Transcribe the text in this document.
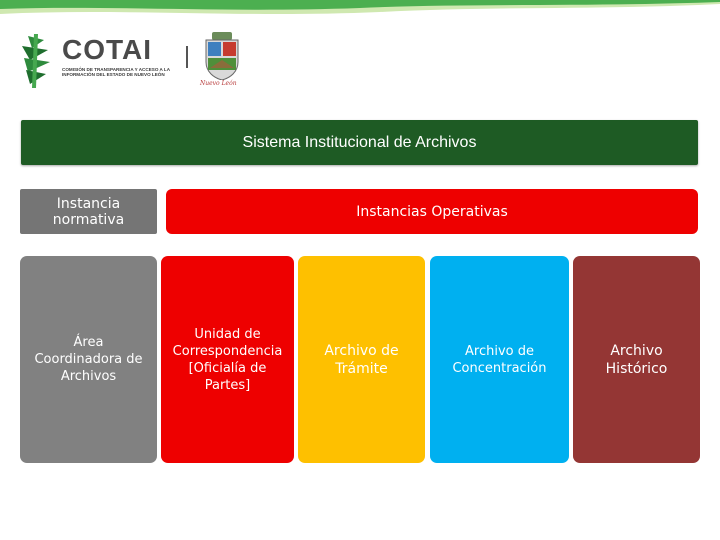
COTAI
COMISIÓN DE TRANSPARENCIA Y ACCESO A LA INFORMACIÓN DEL ESTADO DE NUEVO LEÓN
Nuevo León
Sistema Institucional de Archivos
Instancia normativa	Instancias Operativas
Área Coordinadora de Archivos
Unidad de Correspondencia [Oficialía de Partes]
Archivo de Trámite
Archivo de Concentración
Archivo Histórico
